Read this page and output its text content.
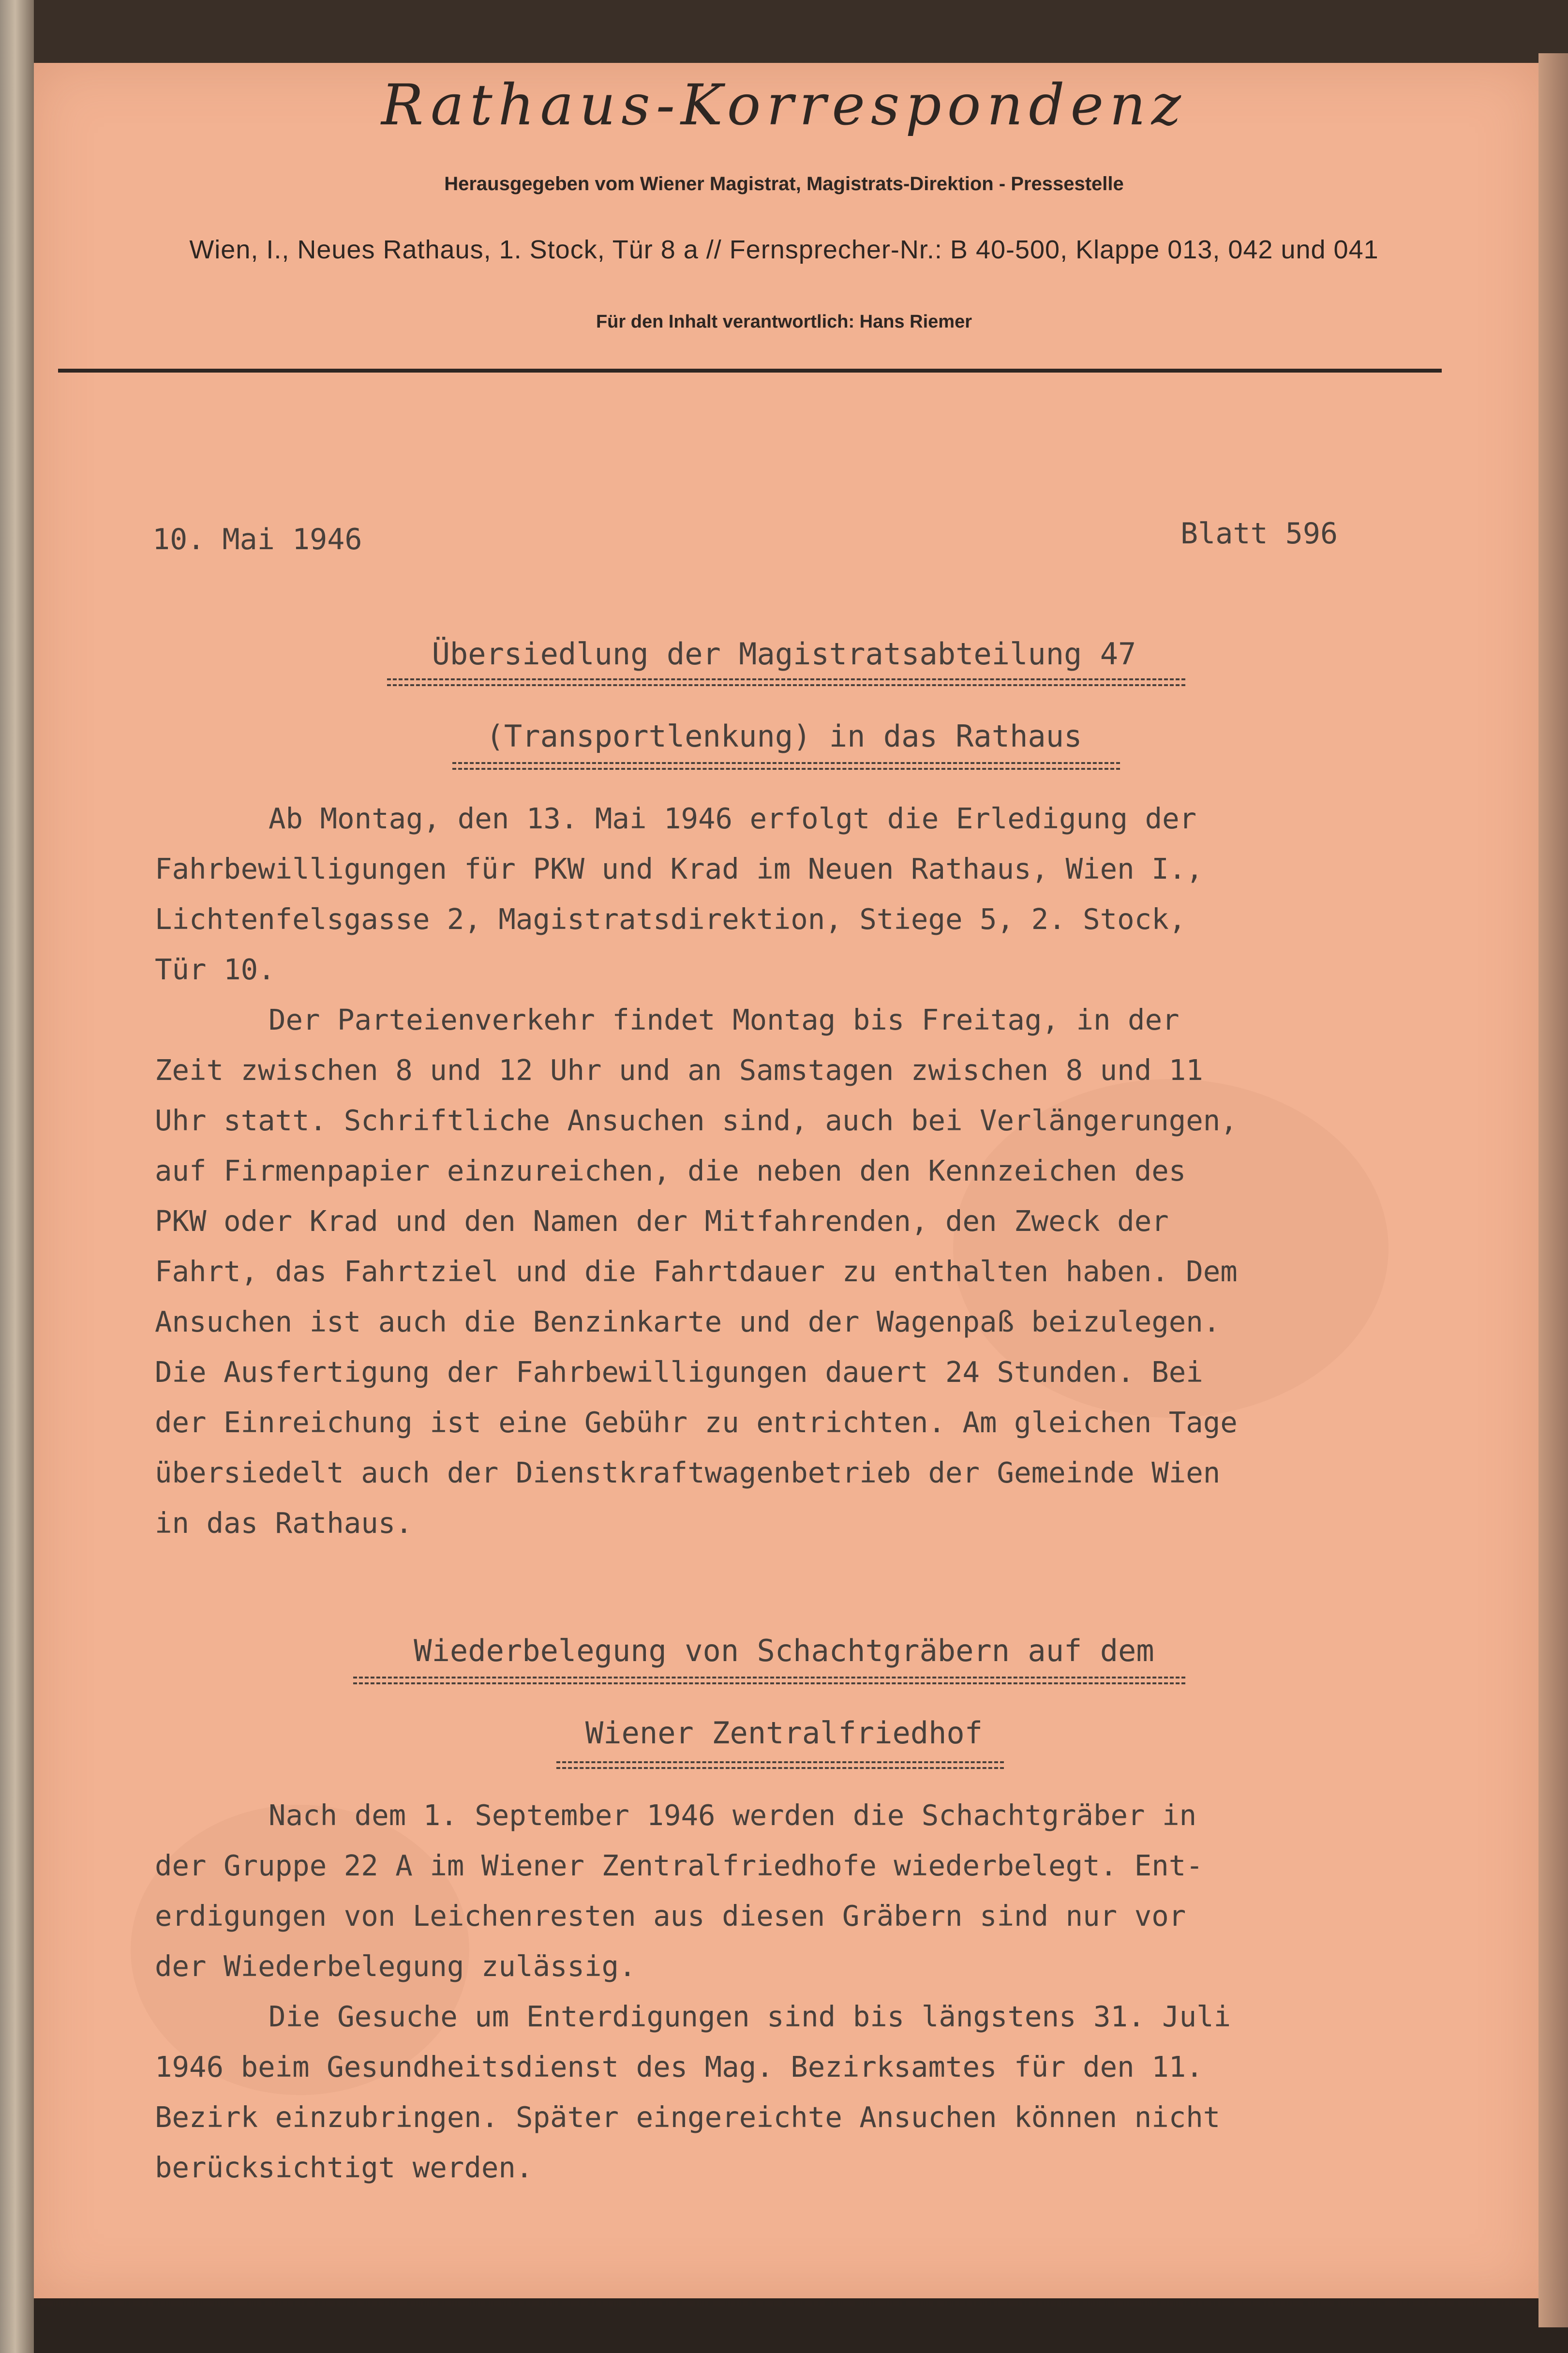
Rathaus-Korrespondenz
Herausgegeben vom Wiener Magistrat, Magistrats-Direktion - Pressestelle
Wien, I., Neues Rathaus, 1. Stock, Tür 8 a // Fernsprecher-Nr.: B 40-500, Klappe 013, 042 und 041
Für den Inhalt verantwortlich: Hans Riemer
10. Mai 1946	Blatt 596
Übersiedlung der Magistratsabteilung 47
(Transportlenkung) in das Rathaus
Ab Montag, den 13. Mai 1946 erfolgt die Erledigung der
Fahrbewilligungen für PKW und Krad im Neuen Rathaus, Wien I.,
Lichtenfelsgasse 2, Magistratsdirektion, Stiege 5, 2. Stock,
Tür 10.
Der Parteienverkehr findet Montag bis Freitag, in der
Zeit zwischen 8 und 12 Uhr und an Samstagen zwischen 8 und 11
Uhr statt. Schriftliche Ansuchen sind, auch bei Verlängerungen,
auf Firmenpapier einzureichen, die neben den Kennzeichen des
PKW oder Krad und den Namen der Mitfahrenden, den Zweck der
Fahrt, das Fahrtziel und die Fahrtdauer zu enthalten haben. Dem
Ansuchen ist auch die Benzinkarte und der Wagenpaß beizulegen.
Die Ausfertigung der Fahrbewilligungen dauert 24 Stunden. Bei
der Einreichung ist eine Gebühr zu entrichten. Am gleichen Tage
übersiedelt auch der Dienstkraftwagenbetrieb der Gemeinde Wien
in das Rathaus.
Wiederbelegung von Schachtgräbern auf dem
Wiener Zentralfriedhof
Nach dem 1. September 1946 werden die Schachtgräber in
der Gruppe 22 A im Wiener Zentralfriedhofe wiederbelegt. Ent-
erdigungen von Leichenresten aus diesen Gräbern sind nur vor
der Wiederbelegung zulässig.
Die Gesuche um Enterdigungen sind bis längstens 31. Juli
1946 beim Gesundheitsdienst des Mag. Bezirksamtes für den 11.
Bezirk einzubringen. Später eingereichte Ansuchen können nicht
berücksichtigt werden.
